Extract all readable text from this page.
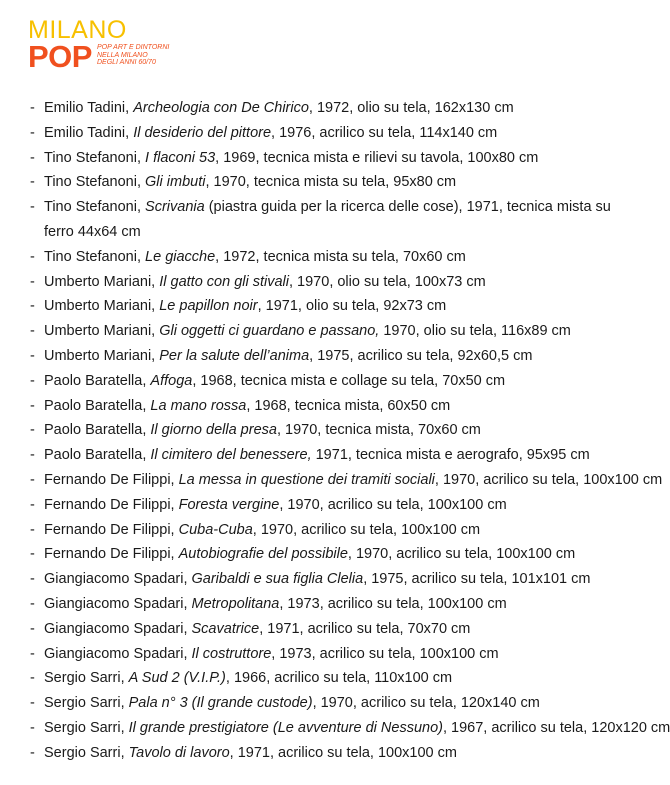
MILANO
POP POP ART E DINTORNI
NELLA MILANO
DEGLI ANNI 60/70
- Emilio Tadini, Archeologia con De Chirico, 1972, olio su tela, 162x130 cm
- Emilio Tadini, Il desiderio del pittore, 1976, acrilico su tela, 114x140 cm
- Tino Stefanoni, I flaconi 53, 1969, tecnica mista e rilievi su tavola, 100x80 cm
- Tino Stefanoni, Gli imbuti, 1970, tecnica mista su tela, 95x80 cm
- Tino Stefanoni, Scrivania (piastra guida per la ricerca delle cose), 1971, tecnica mista su ferro 44x64 cm
- Tino Stefanoni, Le giacche, 1972, tecnica mista su tela, 70x60 cm
- Umberto Mariani, Il gatto con gli stivali, 1970, olio su tela, 100x73 cm
- Umberto Mariani, Le papillon noir, 1971, olio su tela, 92x73 cm
- Umberto Mariani, Gli oggetti ci guardano e passano, 1970, olio su tela, 116x89 cm
- Umberto Mariani, Per la salute dell’anima, 1975, acrilico su tela, 92x60,5 cm
- Paolo Baratella, Affoga, 1968, tecnica mista e collage su tela, 70x50 cm
- Paolo Baratella, La mano rossa, 1968, tecnica mista, 60x50 cm
- Paolo Baratella, Il giorno della presa, 1970, tecnica mista, 70x60 cm
- Paolo Baratella, Il cimitero del benessere, 1971, tecnica mista e aerografo, 95x95 cm
- Fernando De Filippi, La messa in questione dei tramiti sociali, 1970, acrilico su tela, 100x100 cm
- Fernando De Filippi, Foresta vergine, 1970, acrilico su tela, 100x100 cm
- Fernando De Filippi, Cuba-Cuba, 1970, acrilico su tela, 100x100 cm
- Fernando De Filippi, Autobiografie del possibile, 1970, acrilico su tela, 100x100 cm
- Giangiacomo Spadari, Garibaldi e sua figlia Clelia, 1975, acrilico su tela, 101x101 cm
- Giangiacomo Spadari, Metropolitana, 1973, acrilico su tela, 100x100 cm
- Giangiacomo Spadari, Scavatrice, 1971, acrilico su tela, 70x70 cm
- Giangiacomo Spadari, Il costruttore, 1973, acrilico su tela, 100x100 cm
- Sergio Sarri, A Sud 2 (V.I.P.), 1966, acrilico su tela, 110x100 cm
- Sergio Sarri, Pala n° 3 (Il grande custode), 1970, acrilico su tela, 120x140 cm
- Sergio Sarri, Il grande prestigiatore (Le avventure di Nessuno), 1967, acrilico su tela, 120x120 cm
- Sergio Sarri, Tavolo di lavoro, 1971, acrilico su tela, 100x100 cm
